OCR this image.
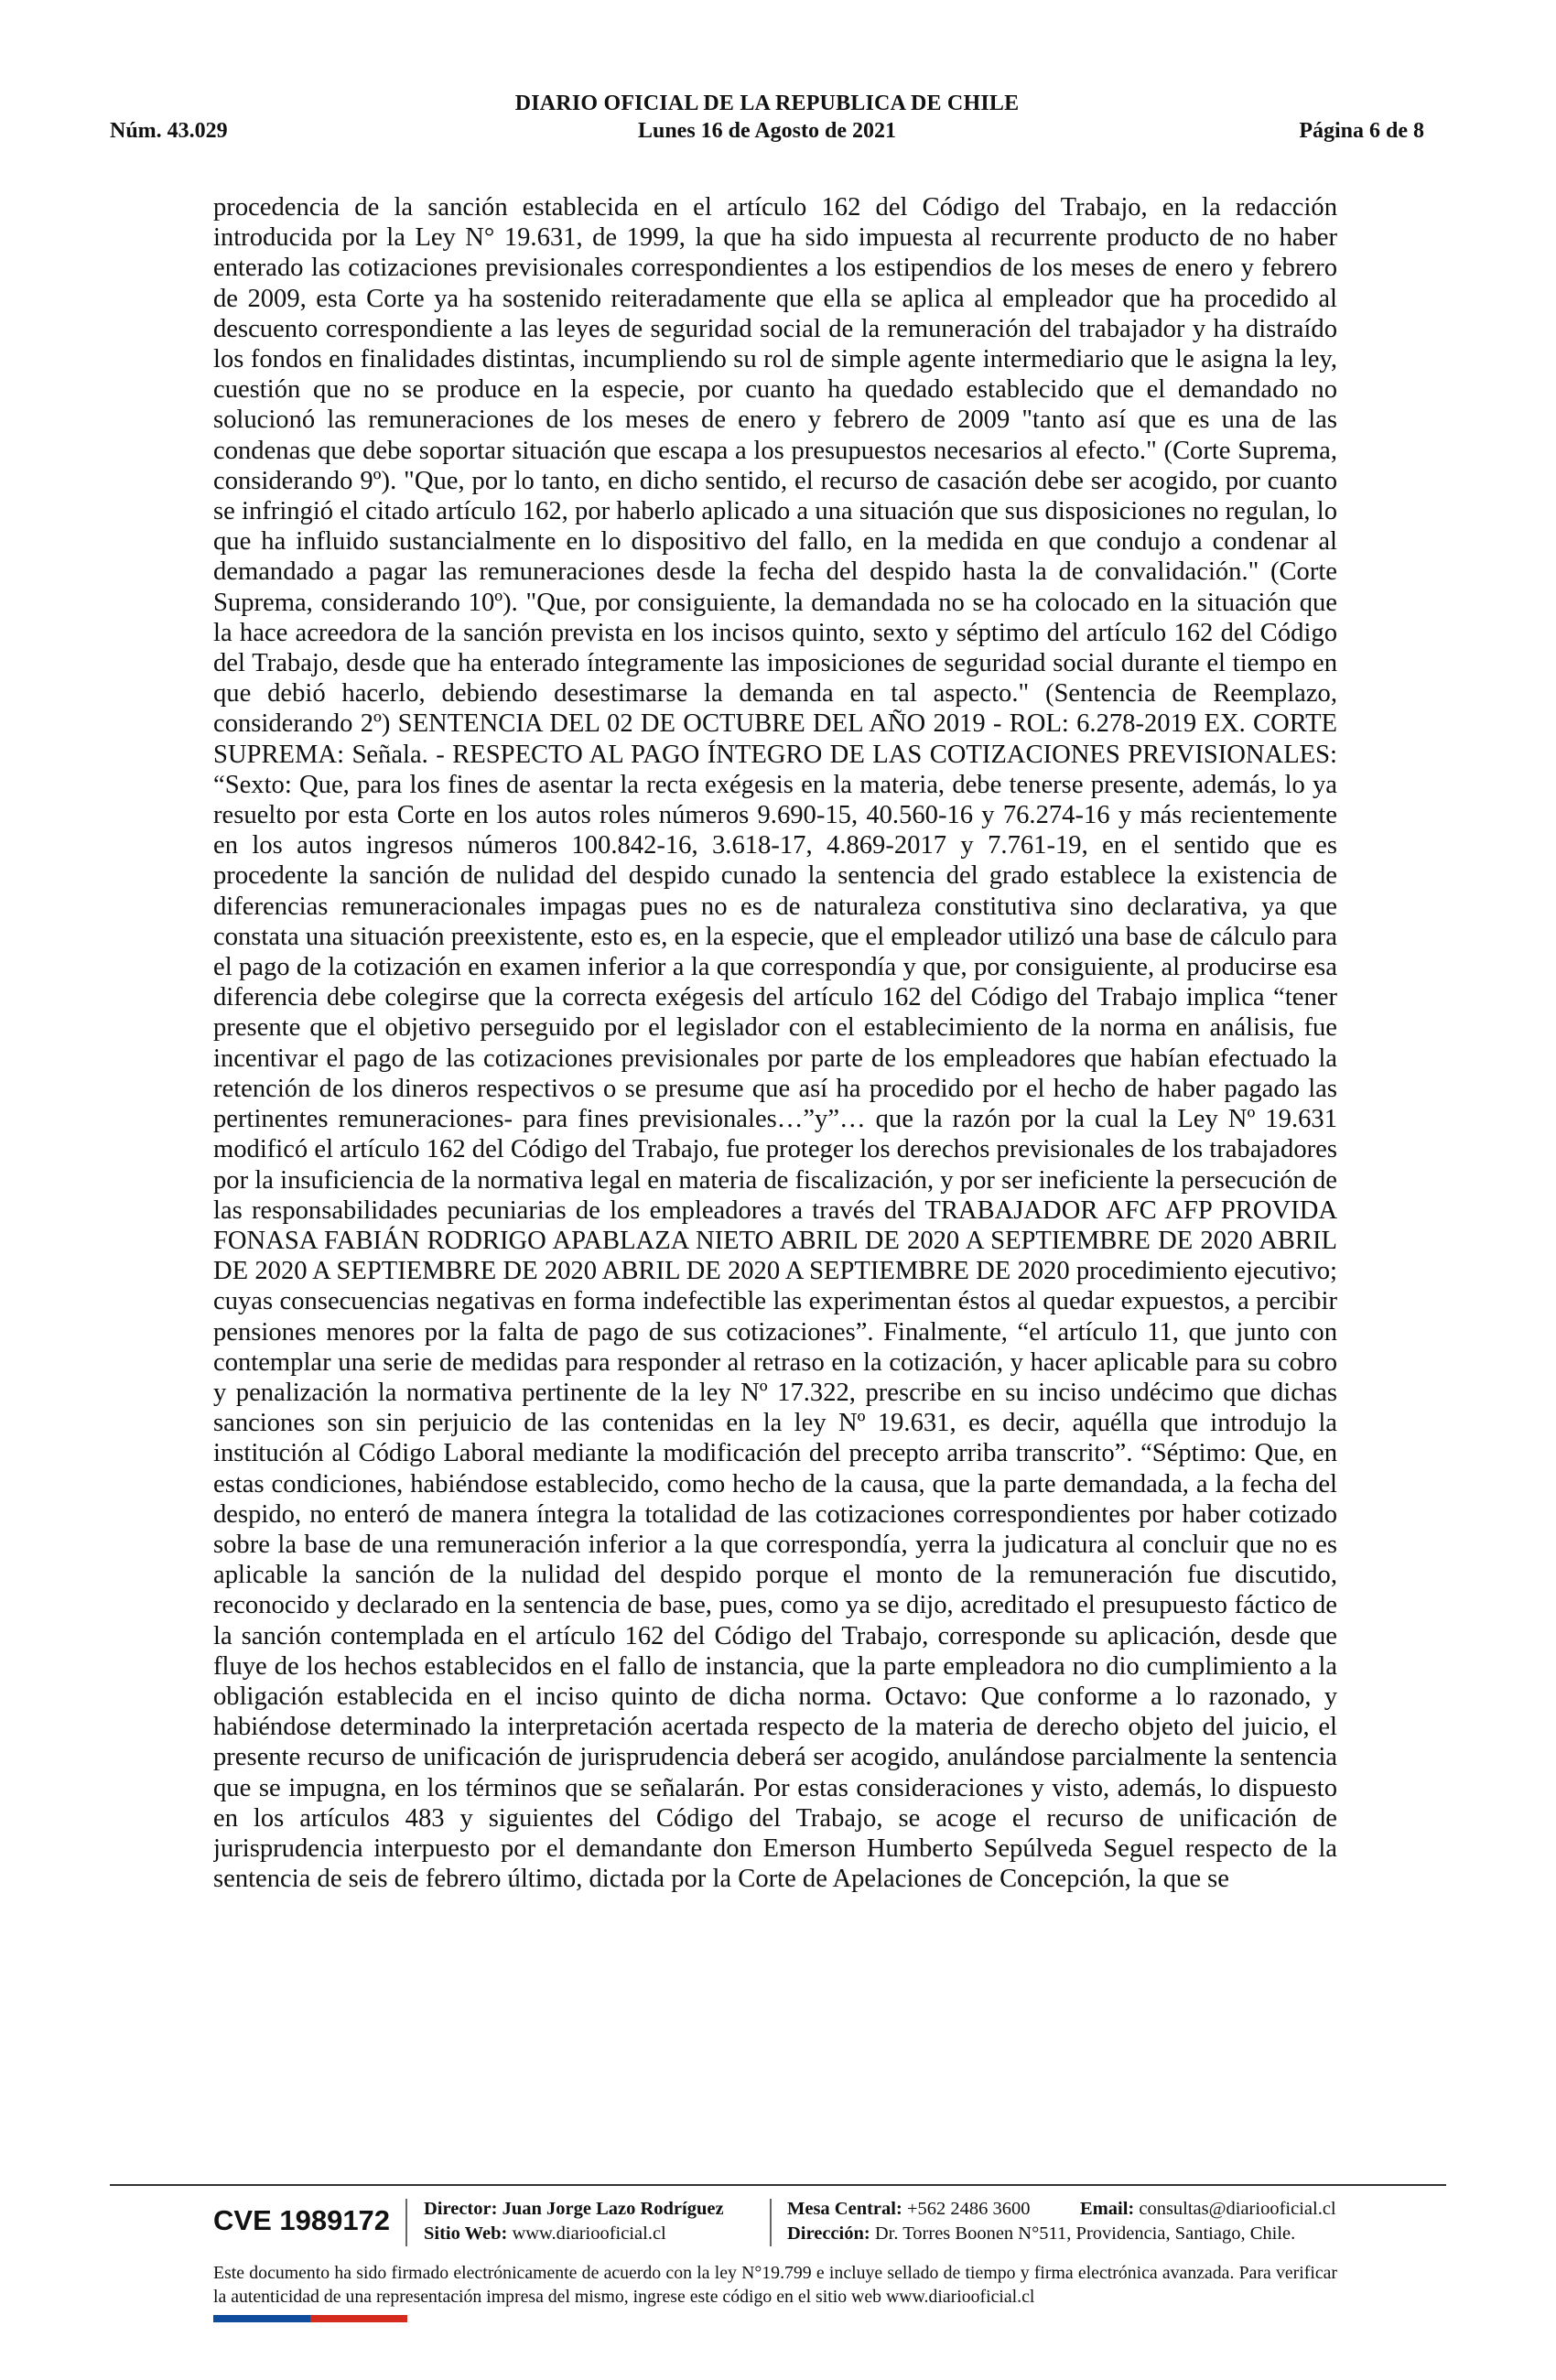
DIARIO OFICIAL DE LA REPUBLICA DE CHILE
Núm. 43.029	Lunes 16 de Agosto de 2021	Página 6 de 8

procedencia de la sanción establecida en el artículo 162 del Código del Trabajo, en la redacción introducida por la Ley N° 19.631, de 1999, la que ha sido impuesta al recurrente producto de no haber enterado las cotizaciones previsionales correspondientes a los estipendios de los meses de enero y febrero de 2009, esta Corte ya ha sostenido reiteradamente que ella se aplica al empleador que ha procedido al descuento correspondiente a las leyes de seguridad social de la remuneración del trabajador y ha distraído los fondos en finalidades distintas, incumpliendo su rol de simple agente intermediario que le asigna la ley, cuestión que no se produce en la especie, por cuanto ha quedado establecido que el demandado no solucionó las remuneraciones de los meses de enero y febrero de 2009 "tanto así que es una de las condenas que debe soportar situación que escapa a los presupuestos necesarios al efecto." (Corte Suprema, considerando 9º). "Que, por lo tanto, en dicho sentido, el recurso de casación debe ser acogido, por cuanto se infringió el citado artículo 162, por haberlo aplicado a una situación que sus disposiciones no regulan, lo que ha influido sustancialmente en lo dispositivo del fallo, en la medida en que condujo a condenar al demandado a pagar las remuneraciones desde la fecha del despido hasta la de convalidación." (Corte Suprema, considerando 10º). "Que, por consiguiente, la demandada no se ha colocado en la situación que la hace acreedora de la sanción prevista en los incisos quinto, sexto y séptimo del artículo 162 del Código del Trabajo, desde que ha enterado íntegramente las imposiciones de seguridad social durante el tiempo en que debió hacerlo, debiendo desestimarse la demanda en tal aspecto." (Sentencia de Reemplazo, considerando 2º) SENTENCIA DEL 02 DE OCTUBRE DEL AÑO 2019 - ROL: 6.278-2019 EX. CORTE SUPREMA: Señala. - RESPECTO AL PAGO ÍNTEGRO DE LAS COTIZACIONES PREVISIONALES: “Sexto: Que, para los fines de asentar la recta exégesis en la materia, debe tenerse presente, además, lo ya resuelto por esta Corte en los autos roles números 9.690-15, 40.560-16 y 76.274-16 y más recientemente en los autos ingresos números 100.842-16, 3.618-17, 4.869-2017 y 7.761-19, en el sentido que es procedente la sanción de nulidad del despido cunado la sentencia del grado establece la existencia de diferencias remuneracionales impagas pues no es de naturaleza constitutiva sino declarativa, ya que constata una situación preexistente, esto es, en la especie, que el empleador utilizó una base de cálculo para el pago de la cotización en examen inferior a la que correspondía y que, por consiguiente, al producirse esa diferencia debe colegirse que la correcta exégesis del artículo 162 del Código del Trabajo implica “tener presente que el objetivo perseguido por el legislador con el establecimiento de la norma en análisis, fue incentivar el pago de las cotizaciones previsionales por parte de los empleadores que habían efectuado la retención de los dineros respectivos o se presume que así ha procedido por el hecho de haber pagado las pertinentes remuneraciones- para fines previsionales…”y”… que la razón por la cual la Ley Nº 19.631 modificó el artículo 162 del Código del Trabajo, fue proteger los derechos previsionales de los trabajadores por la insuficiencia de la normativa legal en materia de fiscalización, y por ser ineficiente la persecución de las responsabilidades pecuniarias de los empleadores a través del TRABAJADOR AFC AFP PROVIDA FONASA FABIÁN RODRIGO APABLAZA NIETO ABRIL DE 2020 A SEPTIEMBRE DE 2020 ABRIL DE 2020 A SEPTIEMBRE DE 2020 ABRIL DE 2020 A SEPTIEMBRE DE 2020 procedimiento ejecutivo; cuyas consecuencias negativas en forma indefectible las experimentan éstos al quedar expuestos, a percibir pensiones menores por la falta de pago de sus cotizaciones”. Finalmente, “el artículo 11, que junto con contemplar una serie de medidas para responder al retraso en la cotización, y hacer aplicable para su cobro y penalización la normativa pertinente de la ley Nº 17.322, prescribe en su inciso undécimo que dichas sanciones son sin perjuicio de las contenidas en la ley Nº 19.631, es decir, aquélla que introdujo la institución al Código Laboral mediante la modificación del precepto arriba transcrito”. “Séptimo: Que, en estas condiciones, habiéndose establecido, como hecho de la causa, que la parte demandada, a la fecha del despido, no enteró de manera íntegra la totalidad de las cotizaciones correspondientes por haber cotizado sobre la base de una remuneración inferior a la que correspondía, yerra la judicatura al concluir que no es aplicable la sanción de la nulidad del despido porque el monto de la remuneración fue discutido, reconocido y declarado en la sentencia de base, pues, como ya se dijo, acreditado el presupuesto fáctico de la sanción contemplada en el artículo 162 del Código del Trabajo, corresponde su aplicación, desde que fluye de los hechos establecidos en el fallo de instancia, que la parte empleadora no dio cumplimiento a la obligación establecida en el inciso quinto de dicha norma. Octavo: Que conforme a lo razonado, y habiéndose determinado la interpretación acertada respecto de la materia de derecho objeto del juicio, el presente recurso de unificación de jurisprudencia deberá ser acogido, anulándose parcialmente la sentencia que se impugna, en los términos que se señalarán. Por estas consideraciones y visto, además, lo dispuesto en los artículos 483 y siguientes del Código del Trabajo, se acoge el recurso de unificación de jurisprudencia interpuesto por el demandante don Emerson Humberto Sepúlveda Seguel respecto de la sentencia de seis de febrero último, dictada por la Corte de Apelaciones de Concepción, la que se

CVE 1989172 Director: Juan Jorge Lazo Rodríguez
Sitio Web: www.diariooficial.cl
Mesa Central: +562 2486 3600	Email: consultas@diariooficial.cl
Dirección: Dr. Torres Boonen N°511, Providencia, Santiago, Chile.
Este documento ha sido firmado electrónicamente de acuerdo con la ley N°19.799 e incluye sellado de tiempo y firma electrónica avanzada. Para verificar la autenticidad de una representación impresa del mismo, ingrese este código en el sitio web www.diariooficial.cl
